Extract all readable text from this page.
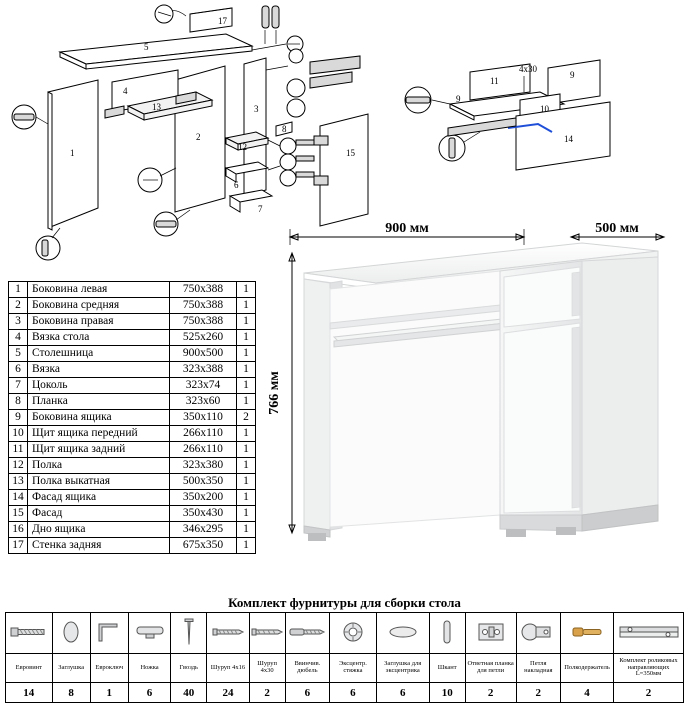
5
17
1
2
3
4
13
12
6
7
8
15
9
11
9
10
14
4х30
1	Боковина левая	750x388	1
2	Боковина средняя	750x388	1
3	Боковина правая	750x388	1
4	Вязка стола	525x260	1
5	Столешница	900x500	1
6	Вязка	323x388	1
7	Цоколь	323x74	1
8	Планка	323x60	1
9	Боковина ящика	350x110	2
10	Щит ящика передний	266x110	1
11	Щит ящика задний	266x110	1
12	Полка	323x380	1
13	Полка выкатная	500x350	1
14	Фасад ящика	350x200	1
15	Фасад	350x430	1
16	Дно ящика	346x295	1
17	Стенка задняя	675x350	1
900 мм	500 мм
766 мм
Комплект фурнитуры для сборки стола

Евровинт	Заглушка	Евроключ	Ножка	Гвоздь	Шуруп 4х16	Шуруп 4х30	Ввинчив. дюбель	Эксцентр. стяжка	Заглушка для эксцентрика	Шкант	Ответная планка для петли	Петля накладная	Полкодержатель	Комплект роликовых направляющих L=350мм
14	8	1	6	40	24	2	6	6	6	10	2	2	4	2
